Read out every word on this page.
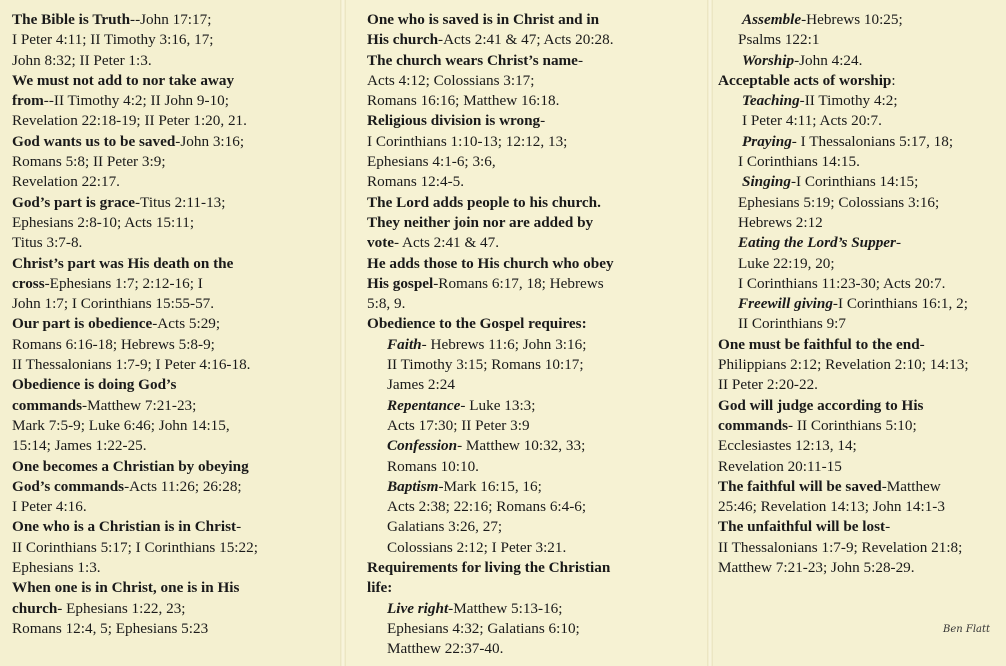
The Bible is Truth--John 17:17;
I Peter 4:11; II Timothy 3:16, 17;
John 8:32; II Peter 1:3.
We must not add to nor take away
from--II Timothy 4:2; II John 9-10;
Revelation 22:18-19; II Peter 1:20, 21.
God wants us to be saved-John 3:16;
Romans 5:8; II Peter 3:9;
Revelation 22:17.
God’s part is grace-Titus 2:11-13;
Ephesians 2:8-10; Acts 15:11;
Titus 3:7-8.
Christ’s part was His death on the
cross-Ephesians 1:7; 2:12-16; I
John 1:7; I Corinthians 15:55-57.
Our part is obedience-Acts 5:29;
Romans 6:16-18; Hebrews 5:8-9;
II Thessalonians 1:7-9; I Peter 4:16-18.
Obedience is doing God’s
commands-Matthew 7:21-23;
Mark 7:5-9; Luke 6:46; John 14:15,
15:14; James 1:22-25.
One becomes a Christian by obeying
God’s commands-Acts 11:26; 26:28;
I Peter 4:16.
One who is a Christian is in Christ-
II Corinthians 5:17; I Corinthians 15:22;
Ephesians 1:3.
When one is in Christ, one is in His
church- Ephesians 1:22, 23;
Romans 12:4, 5; Ephesians 5:23
One who is saved is in Christ and in
His church-Acts 2:41 & 47; Acts 20:28.
The church wears Christ’s name-
Acts 4:12; Colossians 3:17;
Romans 16:16; Matthew 16:18.
Religious division is wrong-
I Corinthians 1:10-13; 12:12, 13;
Ephesians 4:1-6; 3:6,
Romans 12:4-5.
The Lord adds people to his church.
They neither join nor are added by
vote- Acts 2:41 & 47.
He adds those to His church who obey
His gospel-Romans 6:17, 18; Hebrews
5:8, 9.
Obedience to the Gospel requires:
Faith- Hebrews 11:6; John 3:16;
II Timothy 3:15; Romans 10:17;
James 2:24
Repentance- Luke 13:3;
Acts 17:30; II Peter 3:9
Confession- Matthew 10:32, 33;
Romans 10:10.
Baptism-Mark 16:15, 16;
Acts 2:38; 22:16; Romans 6:4-6;
Galatians 3:26, 27;
Colossians 2:12; I Peter 3:21.
Requirements for living the Christian
life:
Live right-Matthew 5:13-16;
Ephesians 4:32; Galatians 6:10;
Matthew 22:37-40.
Assemble-Hebrews 10:25;
Psalms 122:1
Worship-John 4:24.
Acceptable acts of worship:
Teaching-II Timothy 4:2;
I Peter 4:11; Acts 20:7.
Praying- I Thessalonians 5:17, 18;
I Corinthians 14:15.
Singing-I Corinthians 14:15;
Ephesians 5:19; Colossians 3:16;
Hebrews 2:12
Eating the Lord’s Supper-
Luke 22:19, 20;
I Corinthians 11:23-30; Acts 20:7.
Freewill giving-I Corinthians 16:1, 2;
II Corinthians 9:7
One must be faithful to the end-
Philippians 2:12; Revelation 2:10; 14:13;
II Peter 2:20-22.
God will judge according to His
commands- II Corinthians 5:10;
Ecclesiastes 12:13, 14;
Revelation 20:11-15
The faithful will be saved-Matthew
25:46; Revelation 14:13; John 14:1-3
The unfaithful will be lost-
II Thessalonians 1:7-9; Revelation 21:8;
Matthew 7:21-23; John 5:28-29.
Ben Flatt
